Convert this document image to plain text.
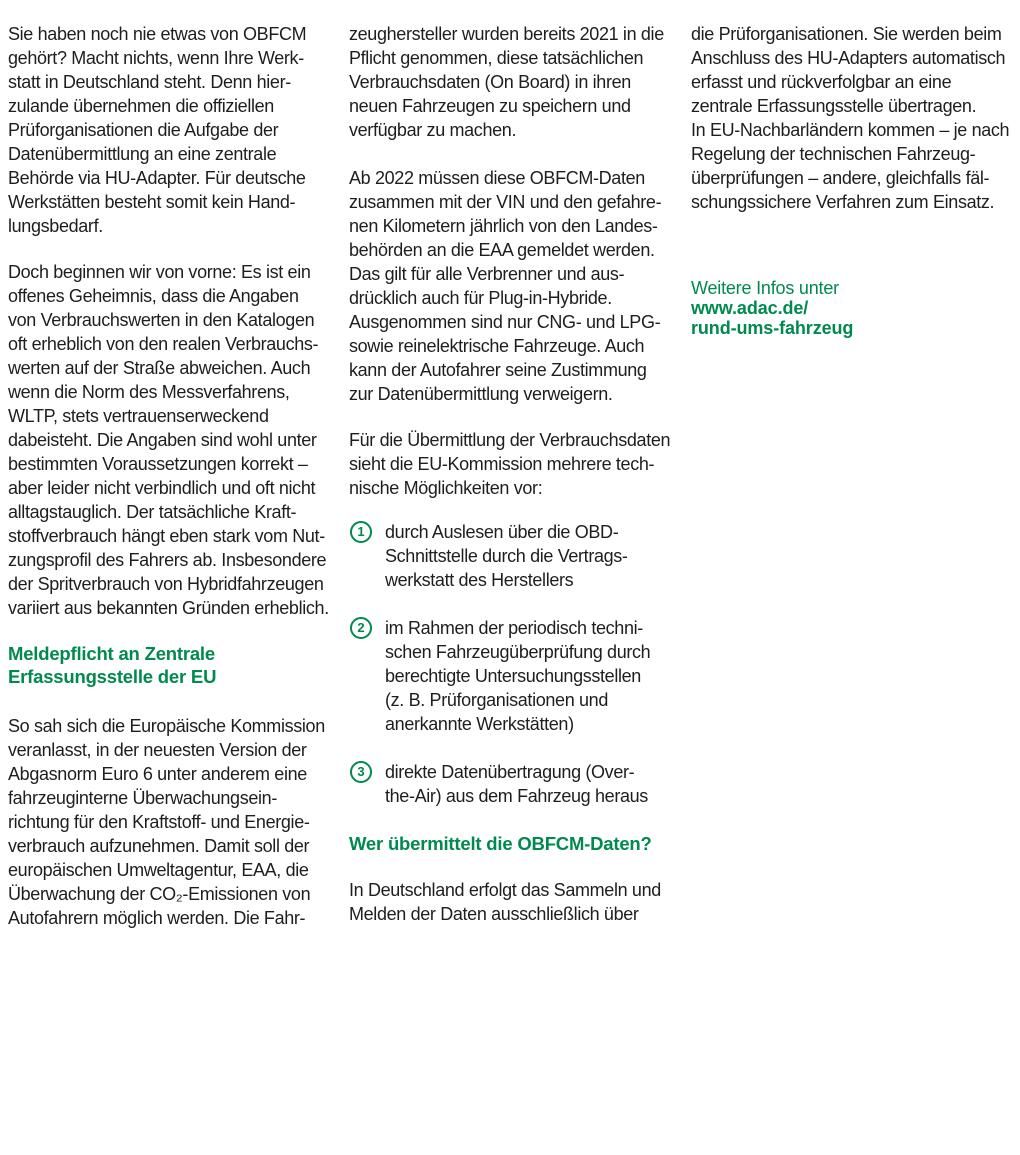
Sie haben noch nie etwas von OBFCM
gehört? Macht nichts, wenn Ihre Werk-
statt in Deutschland steht. Denn hier-
zulande übernehmen die offiziellen
Prüforganisationen die Aufgabe der
Datenübermittlung an eine zentrale
Behörde via HU-Adapter. Für deutsche
Werkstätten besteht somit kein Hand-
lungsbedarf.
Doch beginnen wir von vorne: Es ist ein
offenes Geheimnis, dass die Angaben
von Verbrauchswerten in den Katalogen
oft erheblich von den realen Verbrauchs-
werten auf der Straße abweichen. Auch
wenn die Norm des Messverfahrens,
WLTP, stets vertrauenserweckend
dabeisteht. Die Angaben sind wohl unter
bestimmten Voraussetzungen korrekt –
aber leider nicht verbindlich und oft nicht
alltagstauglich. Der tatsächliche Kraft-
stoffverbrauch hängt eben stark vom Nut-
zungsprofil des Fahrers ab. Insbesondere
der Spritverbrauch von Hybridfahrzeugen
variiert aus bekannten Gründen erheblich.
Meldepflicht an Zentrale
Erfassungsstelle der EU
So sah sich die Europäische Kommission
veranlasst, in der neuesten Version der
Abgasnorm Euro 6 unter anderem eine
fahrzeuginterne Überwachungsein-
richtung für den Kraftstoff- und Energie-
verbrauch aufzunehmen. Damit soll der
europäischen Umweltagentur, EAA, die
Überwachung der CO₂-Emissionen von
Autofahrern möglich werden. Die Fahr-
zeughersteller wurden bereits 2021 in die
Pflicht genommen, diese tatsächlichen
Verbrauchsdaten (On Board) in ihren
neuen Fahrzeugen zu speichern und
verfügbar zu machen.
Ab 2022 müssen diese OBFCM-Daten
zusammen mit der VIN und den gefahre-
nen Kilometern jährlich von den Landes-
behörden an die EAA gemeldet werden.
Das gilt für alle Verbrenner und aus-
drücklich auch für Plug-in-Hybride.
Ausgenommen sind nur CNG- und LPG-
sowie reinelektrische Fahrzeuge. Auch
kann der Autofahrer seine Zustimmung
zur Datenübermittlung verweigern.
Für die Übermittlung der Verbrauchsdaten
sieht die EU-Kommission mehrere tech-
nische Möglichkeiten vor:
1	durch Auslesen über die OBD-
Schnittstelle durch die Vertrags-
werkstatt des Herstellers
2	im Rahmen der periodisch techni-
schen Fahrzeugüberprüfung durch
berechtigte Untersuchungsstellen
(z. B. Prüforganisationen und
anerkannte Werkstätten)
3	direkte Datenübertragung (Over-
the-Air) aus dem Fahrzeug heraus
Wer übermittelt die OBFCM-Daten?
In Deutschland erfolgt das Sammeln und
Melden der Daten ausschließlich über
die Prüforganisationen. Sie werden beim
Anschluss des HU-Adapters automatisch
erfasst und rückverfolgbar an eine
zentrale Erfassungsstelle übertragen.
In EU-Nachbarländern kommen – je nach
Regelung der technischen Fahrzeug-
überprüfungen – andere, gleichfalls fäl-
schungssichere Verfahren zum Einsatz.
Weitere Infos unter
www.adac.de/
rund-ums-fahrzeug
